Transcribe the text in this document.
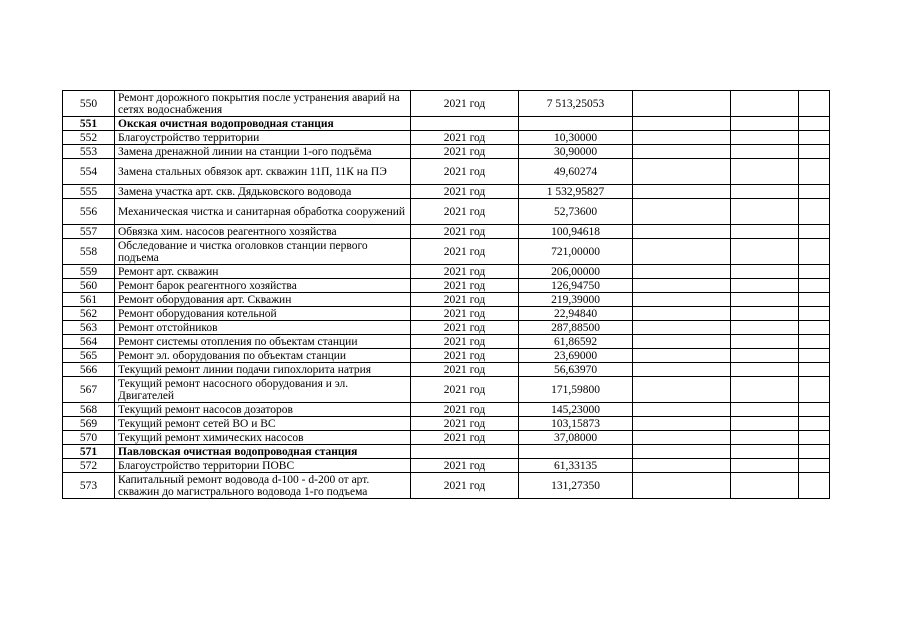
550	Ремонт дорожного покрытия после устранения аварий на сетях водоснабжения	2021 год	7 513,25053			
551	Окская очистная водопроводная станция					
552	Благоустройство территории	2021 год	10,30000			
553	Замена дренажной линии на станции 1-ого подъёма	2021 год	30,90000			
554	Замена стальных обвязок арт. скважин 11П, 11К на ПЭ	2021 год	49,60274			
555	Замена участка арт. скв. Дядьковского водовода	2021 год	1 532,95827			
556	Механическая чистка и санитарная обработка сооружений	2021 год	52,73600			
557	Обвязка хим. насосов реагентного хозяйства	2021 год	100,94618			
558	Обследование и чистка оголовков станции первого подъема	2021 год	721,00000			
559	Ремонт арт. скважин	2021 год	206,00000			
560	Ремонт барок реагентного хозяйства	2021 год	126,94750			
561	Ремонт оборудования арт. Скважин	2021 год	219,39000			
562	Ремонт оборудования котельной	2021 год	22,94840			
563	Ремонт отстойников	2021 год	287,88500			
564	Ремонт системы отопления по объектам станции	2021 год	61,86592			
565	Ремонт эл. оборудования по объектам станции	2021 год	23,69000			
566	Текущий ремонт линии подачи гипохлорита натрия	2021 год	56,63970			
567	Текущий ремонт насосного оборудования и эл. Двигателей	2021 год	171,59800			
568	Текущий ремонт насосов дозаторов	2021 год	145,23000			
569	Текущий ремонт сетей ВО и ВС	2021 год	103,15873			
570	Текущий ремонт химических насосов	2021 год	37,08000			
571	Павловская очистная водопроводная станция					
572	Благоустройство территории ПОВС	2021 год	61,33135			
573	Капитальный ремонт водовода d-100 - d-200 от арт. скважин до магистрального водовода 1-го подъема	2021 год	131,27350			
